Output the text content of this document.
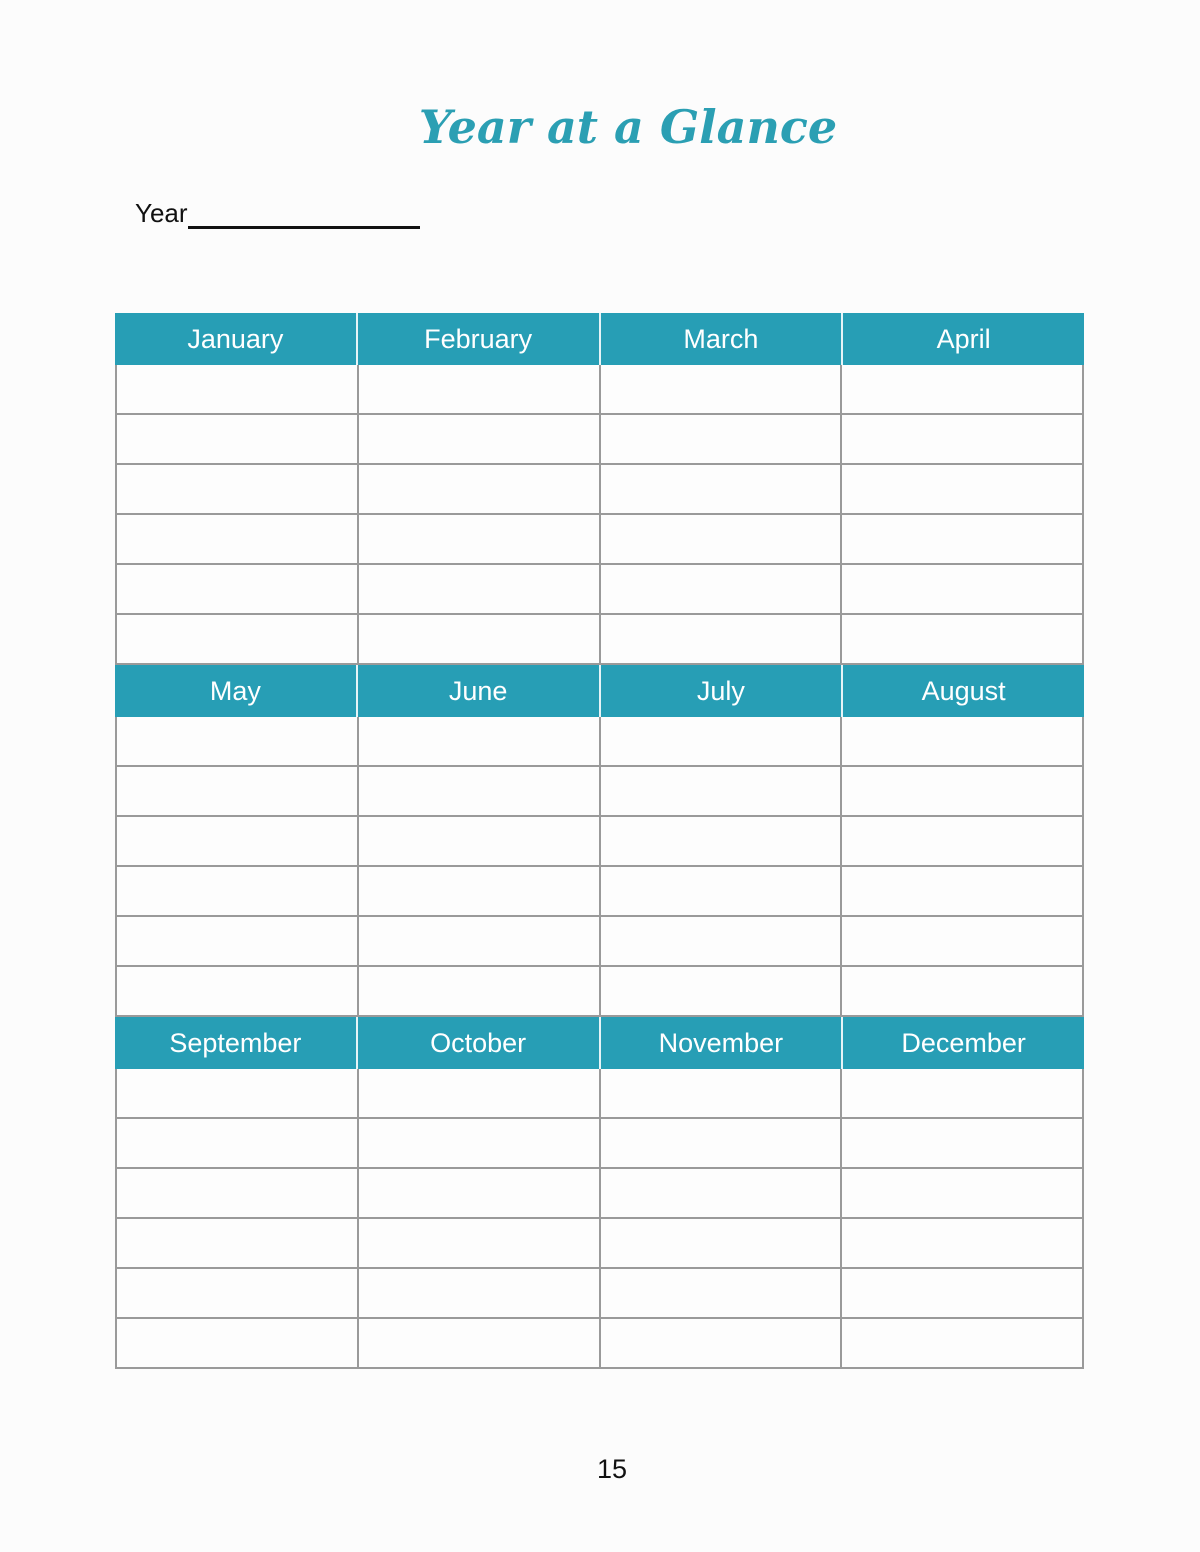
Year at a Glance
Year
January	February	March	April
May	June	July	August
September	October	November	December
15
